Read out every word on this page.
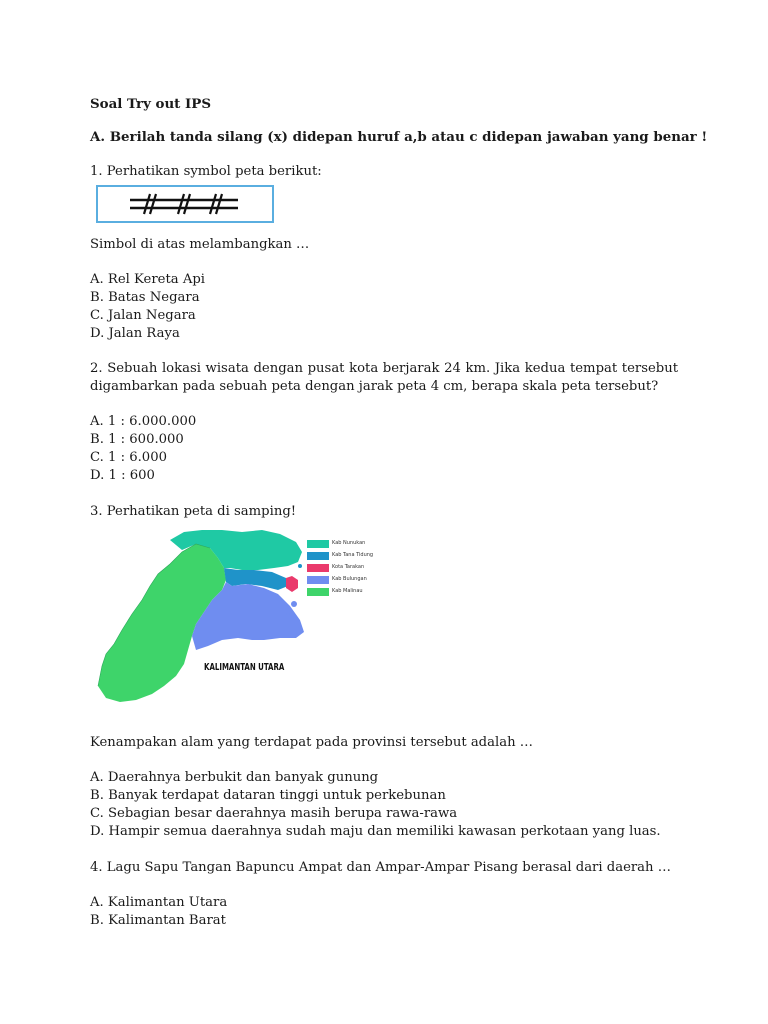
Soal Try out IPS
A. Berilah tanda silang (x) didepan huruf a,b atau c didepan jawaban yang benar !
1. Perhatikan symbol peta berikut:
Simbol di atas melambangkan …
A. Rel Kereta Api
B. Batas Negara
C. Jalan Negara
D. Jalan Raya
2. Sebuah lokasi wisata dengan pusat kota berjarak 24 km. Jika kedua tempat tersebut digambarkan pada sebuah peta dengan jarak peta 4 cm, berapa skala peta tersebut?
A. 1 : 6.000.000
B. 1 : 600.000
C. 1 : 6.000
D. 1 : 600
3. Perhatikan peta di samping!
Kenampakan alam yang terdapat pada provinsi tersebut adalah …
A. Daerahnya berbukit dan banyak gunung
B. Banyak terdapat dataran tinggi untuk perkebunan
C. Sebagian besar daerahnya masih berupa rawa-rawa
D. Hampir semua daerahnya sudah maju dan memiliki kawasan perkotaan yang luas.
4. Lagu Sapu Tangan Bapuncu Ampat dan Ampar-Ampar Pisang berasal dari daerah …
A. Kalimantan Utara
B. Kalimantan Barat
Kab Nunukan
Kab Tana Tidung
Kota Tarakan
Kab Bulungan
Kab Malinau
KALIMANTAN UTARA
